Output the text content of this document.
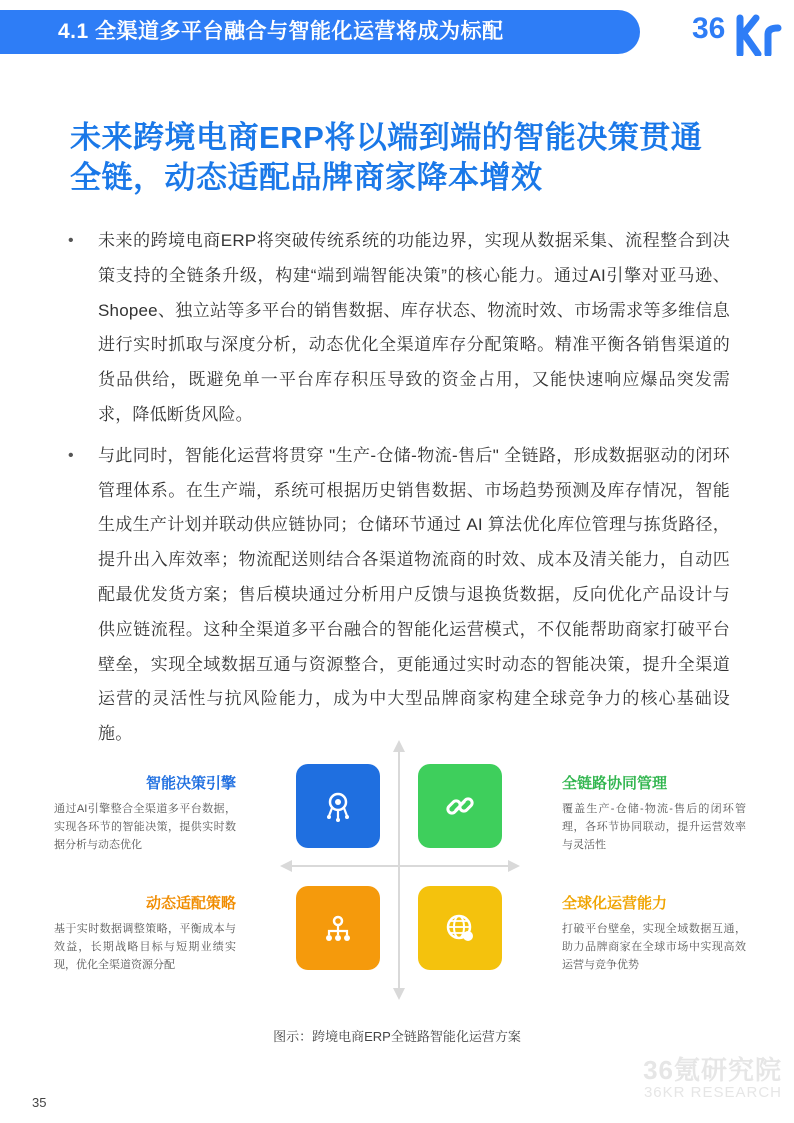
4.1 全渠道多平台融合与智能化运营将成为标配	36
未来跨境电商ERP将以端到端的智能决策贯通
全链，动态适配品牌商家降本增效
• 未来的跨境电商ERP将突破传统系统的功能边界，实现从数据采集、流程整合到决策支持的全链条升级，构建“端到端智能决策”的核心能力。通过AI引擎对亚马逊、Shopee、独立站等多平台的销售数据、库存状态、物流时效、市场需求等多维信息进行实时抓取与深度分析，动态优化全渠道库存分配策略。精准平衡各销售渠道的货品供给，既避免单一平台库存积压导致的资金占用，又能快速响应爆品突发需求，降低断货风险。
• 与此同时，智能化运营将贯穿 "生产-仓储-物流-售后" 全链路，形成数据驱动的闭环管理体系。在生产端，系统可根据历史销售数据、市场趋势预测及库存情况，智能生成生产计划并联动供应链协同；仓储环节通过 AI 算法优化库位管理与拣货路径，提升出入库效率；物流配送则结合各渠道物流商的时效、成本及清关能力，自动匹配最优发货方案；售后模块通过分析用户反馈与退换货数据，反向优化产品设计与供应链流程。这种全渠道多平台融合的智能化运营模式，不仅能帮助商家打破平台壁垒，实现全域数据互通与资源整合，更能通过实时动态的智能决策，提升全渠道运营的灵活性与抗风险能力，成为中大型品牌商家构建全球竞争力的核心基础设施。
智能决策引擎
通过AI引擎整合全渠道多平台数据，实现各环节的智能决策，提供实时数据分析与动态优化
全链路协同管理
覆盖生产-仓储-物流-售后的闭环管理，各环节协同联动，提升运营效率与灵活性
动态适配策略
基于实时数据调整策略，平衡成本与效益，长期战略目标与短期业绩实现，优化全渠道资源分配
全球化运营能力
打破平台壁垒，实现全域数据互通，助力品牌商家在全球市场中实现高效运营与竞争优势
图示：跨境电商ERP全链路智能化运营方案
36氪研究院
36KR RESEARCH
35
